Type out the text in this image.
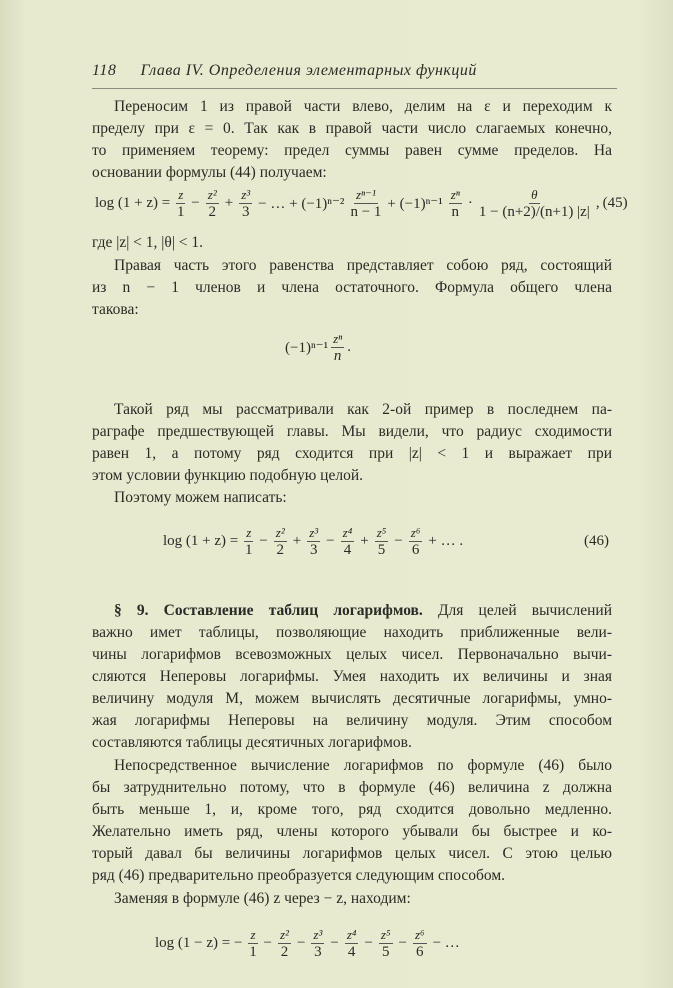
118 Глава IV. Определения элементарных функций
Переносим 1 из правой части влево, делим на ε и переходим к
пределу при ε = 0. Так как в правой части число слагаемых конечно,
то применяем теорему: предел суммы равен сумме пределов. На
основании формулы (44) получаем:
$\log (1 + z) = \frac{z}{1} - \frac{\text{z²}}{2} + \frac{\text{z³}}{3}$ − … + $(-1)^{n-2} \frac{\text{zⁿ⁻¹}}{n - 1} + (-1)^{n-1} \frac{\text{zⁿ}}{n} \cdot \frac{\theta}{1 - (n+2)/(n+1) |z|}$ , (45)
где |z| < 1, |θ| < 1.
Правая часть этого равенства представляет собою ряд, состоящий
из n − 1 членов и члена остаточного. Формула общего члена
такова:
$(-1)^{n-1} \frac{\text{zⁿ}}{n}$ .
Такой ряд мы рассматривали как 2-ой пример в последнем па-
раграфе предшествующей главы. Мы видели, что радиус сходимости
равен 1, а потому ряд сходится при |z| < 1 и выражает при
этом условии функцию подобную целой.
Поэтому можем написать:
$\log (1 + z) = \frac{z}{1} - \frac{\text{z²}}{2} + \frac{\text{z³}}{3} - \frac{\text{z⁴}}{4} + \frac{\text{z⁵}}{5} - \frac{\text{z⁶}}{6}$ + … .	(46)
§ 9. Составление таблиц логарифмов. Для целей вычислений
важно имет таблицы, позволяющие находить приближенные вели-
чины логарифмов всевозможных целых чисел. Первоначально вычи-
сляются Неперовы логарифмы. Умея находить их величины и зная
величину модуля M, можем вычислять десятичные логарифмы, умно-
жая логарифмы Неперовы на величину модуля. Этим способом
составляются таблицы десятичных логарифмов.
Непосредственное вычисление логарифмов по формуле (46) было
бы затруднительно потому, что в формуле (46) величина z должна
быть меньше 1, и, кроме того, ряд сходится довольно медленно.
Желательно иметь ряд, члены которого убывали бы быстрее и ко-
торый давал бы величины логарифмов целых чисел. С этою целью
ряд (46) предварительно преобразуется следующим способом.
Заменяя в формуле (46) z через − z, находим:
log (1 − z) = − $\frac{z}{1} - \frac{\text{z²}}{2} - \frac{\text{z³}}{3} - \frac{\text{z⁴}}{4} - \frac{\text{z⁵}}{5} - \frac{\text{z⁶}}{6}$ − …
